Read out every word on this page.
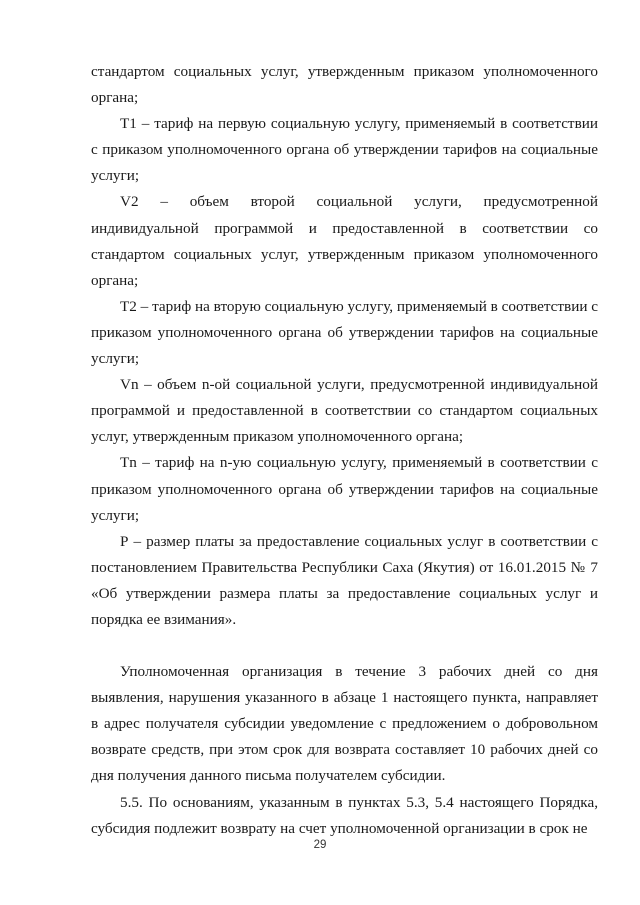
стандартом социальных услуг, утвержденным приказом уполномоченного органа;

Т1 – тариф на первую социальную услугу, применяемый в соответствии с приказом уполномоченного органа об утверждении тарифов на социальные услуги;

V2 – объем второй социальной услуги, предусмотренной индивидуальной программой и предоставленной в соответствии со стандартом социальных услуг, утвержденным приказом уполномоченного органа;

Т2 – тариф на вторую социальную услугу, применяемый в соответствии с приказом уполномоченного органа об утверждении тарифов на социальные услуги;

Vn – объем n-ой социальной услуги, предусмотренной индивидуальной программой и предоставленной в соответствии со стандартом социальных услуг, утвержденным приказом уполномоченного органа;

Тn – тариф на n-ую социальную услугу, применяемый в соответствии с приказом уполномоченного органа об утверждении тарифов на социальные услуги;

Р – размер платы за предоставление социальных услуг в соответствии с постановлением Правительства Республики Саха (Якутия) от 16.01.2015 № 7 «Об утверждении размера платы за предоставление социальных услуг и порядка ее взимания».

Уполномоченная организация в течение 3 рабочих дней со дня выявления, нарушения указанного в абзаце 1 настоящего пункта, направляет в адрес получателя субсидии уведомление с предложением о добровольном возврате средств, при этом срок для возврата составляет 10 рабочих дней со дня получения данного письма получателем субсидии.

5.5. По основаниям, указанным в пунктах 5.3, 5.4 настоящего Порядка, субсидия подлежит возврату на счет уполномоченной организации в срок не

29
